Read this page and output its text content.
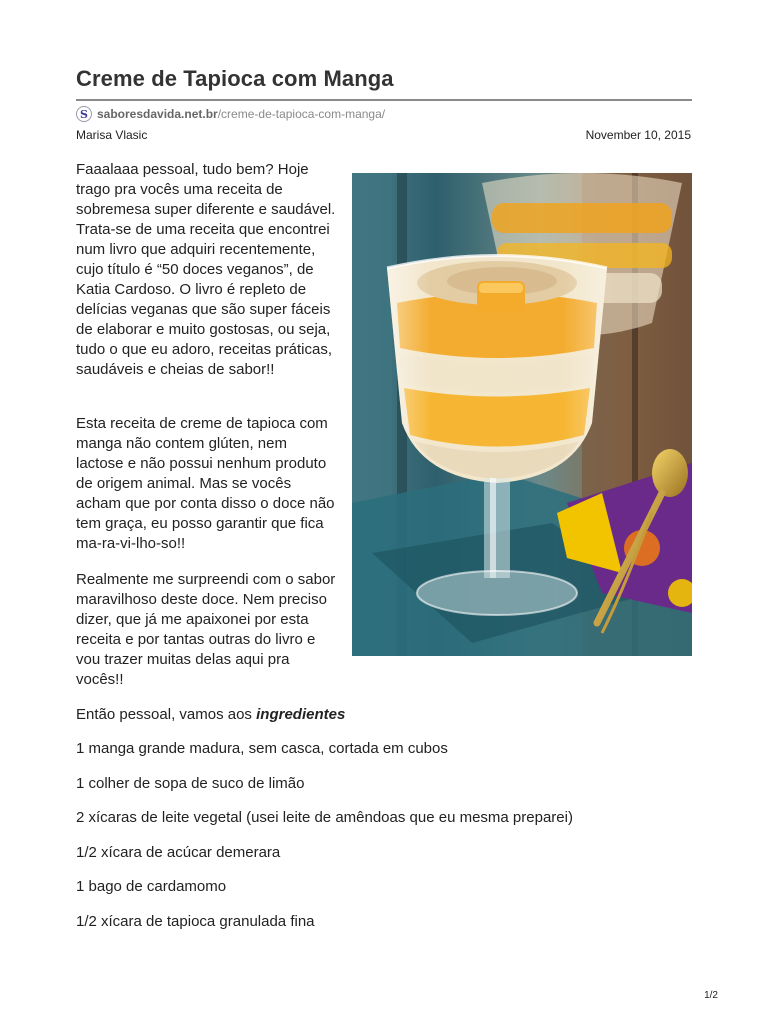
Creme de Tapioca com Manga
S saboresdavida.net.br /creme-de-tapioca-com-manga/
Marisa Vlasic	November 10, 2015

Faaalaaa pessoal, tudo bem? Hoje trago pra vocês uma receita de sobremesa super diferente e saudável. Trata-se de uma receita que encontrei num livro que adquiri recentemente, cujo título é “50 doces veganos”, de Katia Cardoso. O livro é repleto de delícias veganas que são super fáceis de elaborar e muito gostosas, ou seja, tudo o que eu adoro, receitas práticas, saudáveis e cheias de sabor!!

Esta receita de creme de tapioca com manga não contem glúten, nem lactose e não possui nenhum produto de origem animal. Mas se vocês acham que por conta disso o doce não tem graça, eu posso garantir que fica ma-ra-vi-lho-so!!

Realmente me surpreendi com o sabor maravilhoso deste doce. Nem preciso dizer, que já me apaixonei por esta receita e por tantas outras do livro e vou trazer muitas delas aqui pra vocês!!

Então pessoal, vamos aos ingredientes
1 manga grande madura, sem casca, cortada em cubos
1 colher de sopa de suco de limão
2 xícaras de leite vegetal (usei leite de amêndoas que eu mesma preparei)
1/2 xícara de acúcar demerara
1 bago de cardamomo
1/2 xícara de tapioca granulada fina
1/2
